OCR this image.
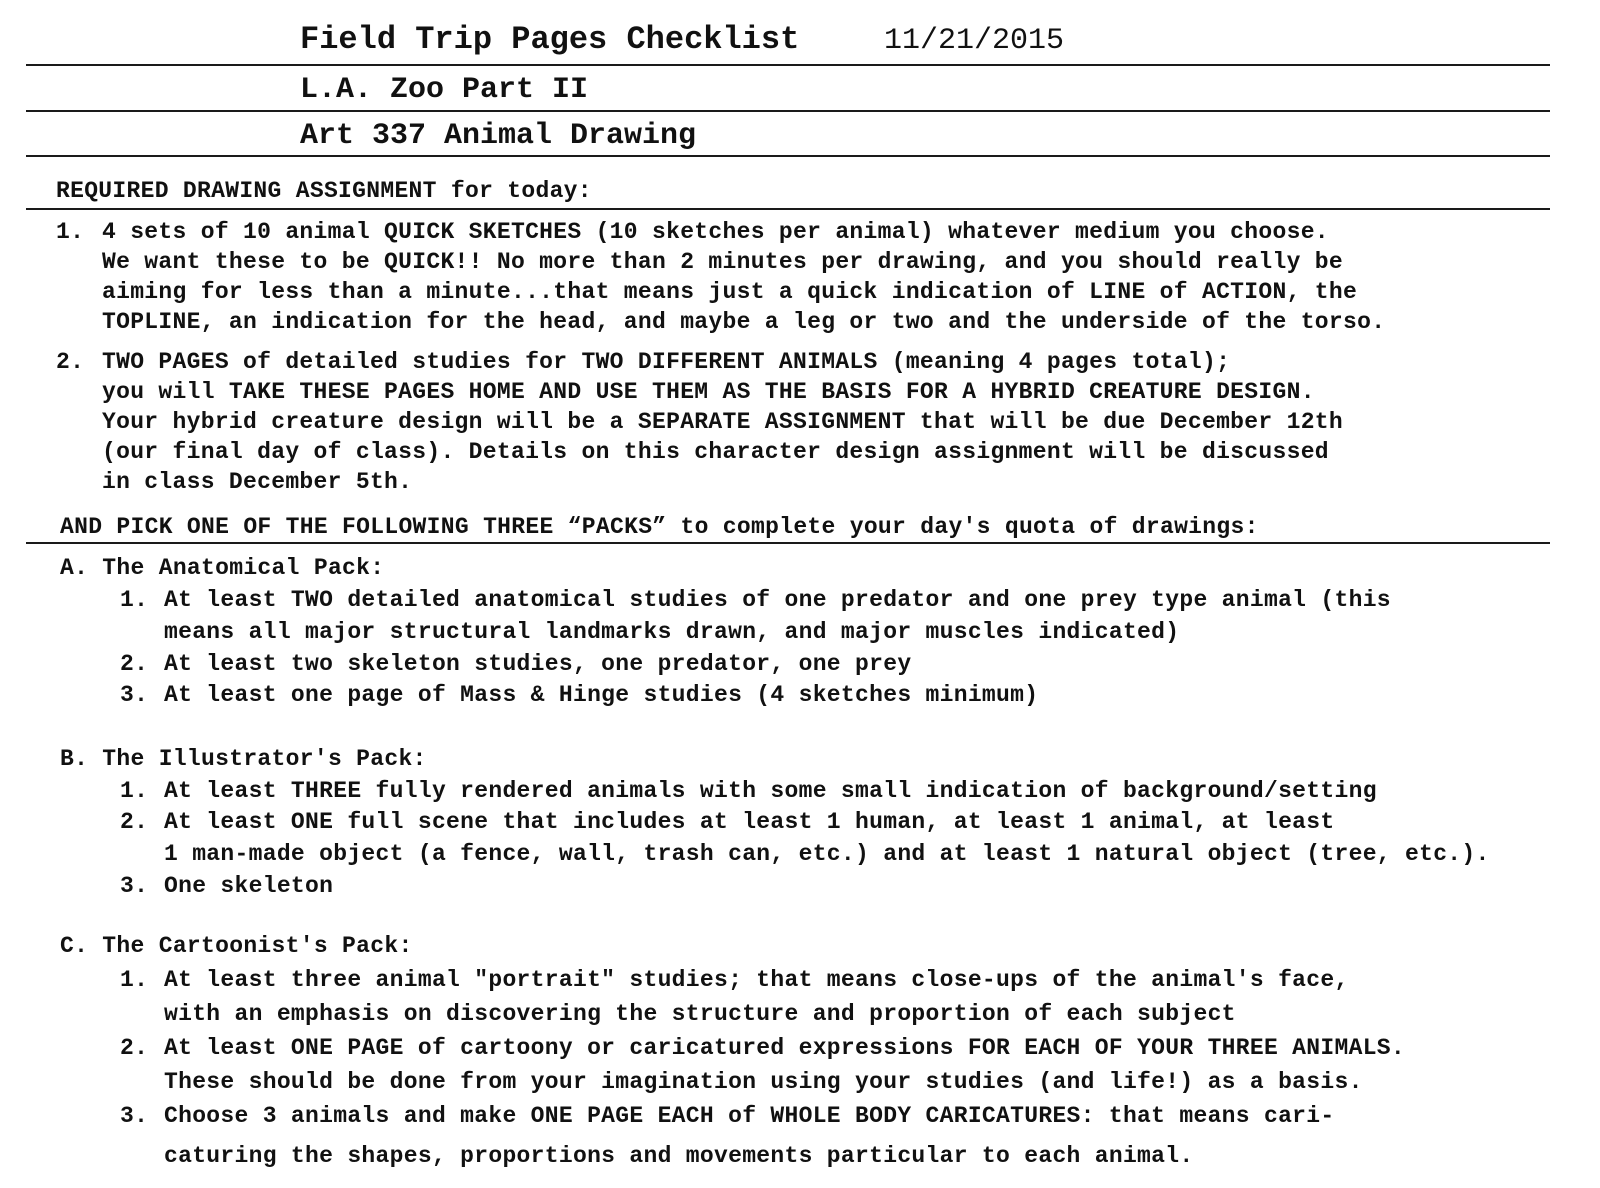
Field Trip Pages Checklist	11/21/2015
L.A. Zoo Part II
Art 337 Animal Drawing
REQUIRED DRAWING ASSIGNMENT for today:
1. 4 sets of 10 animal QUICK SKETCHES (10 sketches per animal) whatever medium you choose.
We want these to be QUICK!! No more than 2 minutes per drawing, and you should really be
aiming for less than a minute...that means just a quick indication of LINE of ACTION, the
TOPLINE, an indication for the head, and maybe a leg or two and the underside of the torso.
2. TWO PAGES of detailed studies for TWO DIFFERENT ANIMALS (meaning 4 pages total);
you will TAKE THESE PAGES HOME AND USE THEM AS THE BASIS FOR A HYBRID CREATURE DESIGN.
Your hybrid creature design will be a SEPARATE ASSIGNMENT that will be due December 12th
(our final day of class). Details on this character design assignment will be discussed
in class December 5th.
AND PICK ONE OF THE FOLLOWING THREE “PACKS” to complete your day's quota of drawings:
A. The Anatomical Pack:
1. At least TWO detailed anatomical studies of one predator and one prey type animal (this
means all major structural landmarks drawn, and major muscles indicated)
2. At least two skeleton studies, one predator, one prey
3. At least one page of Mass & Hinge studies (4 sketches minimum)
B. The Illustrator's Pack:
1. At least THREE fully rendered animals with some small indication of background/setting
2. At least ONE full scene that includes at least 1 human, at least 1 animal, at least
1 man-made object (a fence, wall, trash can, etc.) and at least 1 natural object (tree, etc.).
3. One skeleton
C. The Cartoonist's Pack:
1. At least three animal "portrait" studies; that means close-ups of the animal's face,
with an emphasis on discovering the structure and proportion of each subject
2. At least ONE PAGE of cartoony or caricatured expressions FOR EACH OF YOUR THREE ANIMALS.
These should be done from your imagination using your studies (and life!) as a basis.
3. Choose 3 animals and make ONE PAGE EACH of WHOLE BODY CARICATURES: that means cari-
caturing the shapes, proportions and movements particular to each animal.
